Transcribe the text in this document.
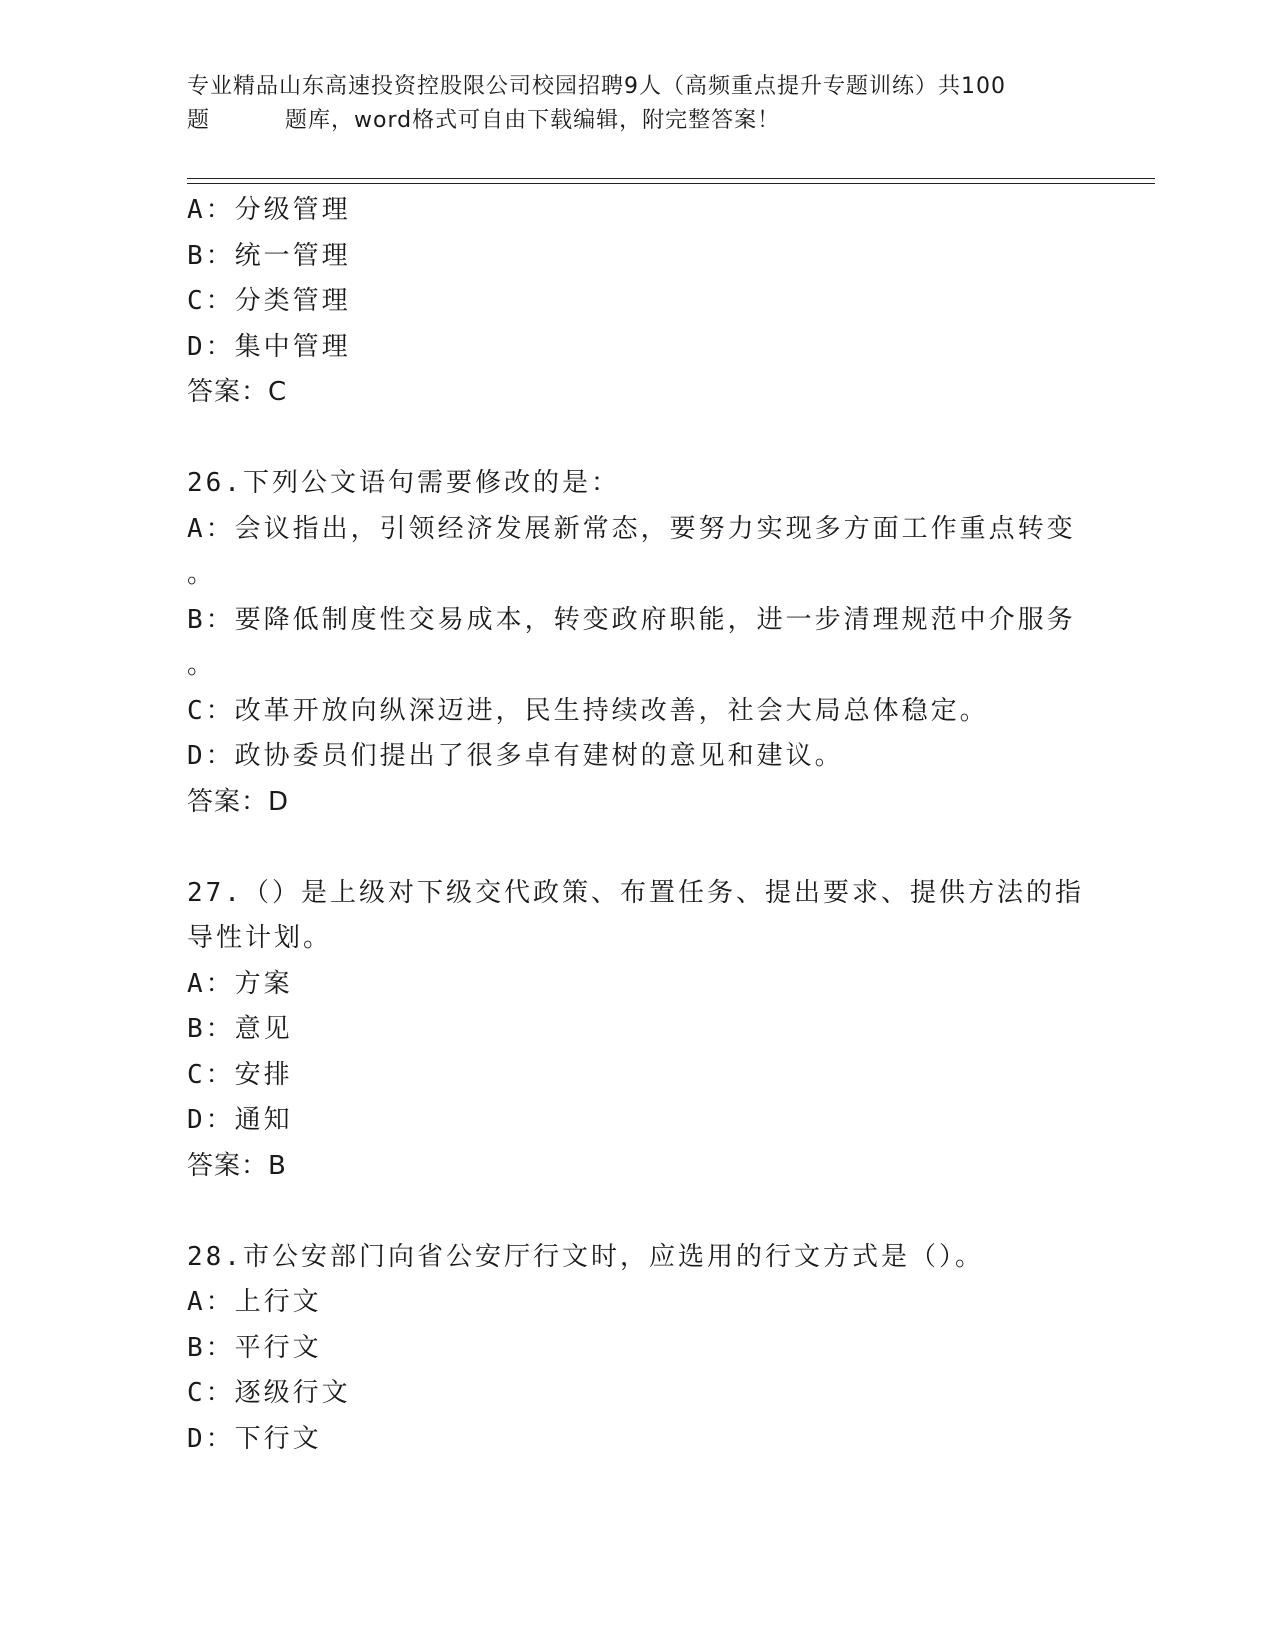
专业精品山东高速投资控股限公司校园招聘9人（高频重点提升专题训练）共100
题	题库，word格式可自由下载编辑，附完整答案！
A：分级管理
B：统一管理
C：分类管理
D：集中管理
答案：C
26.下列公文语句需要修改的是：
A：会议指出，引领经济发展新常态，要努力实现多方面工作重点转变
。
B：要降低制度性交易成本，转变政府职能，进一步清理规范中介服务
。
C：改革开放向纵深迈进，民生持续改善，社会大局总体稳定。
D：政协委员们提出了很多卓有建树的意见和建议。
答案：D
27.（）是上级对下级交代政策、布置任务、提出要求、提供方法的指
导性计划。
A：方案
B：意见
C：安排
D：通知
答案：B
28.市公安部门向省公安厅行文时，应选用的行文方式是（）。
A：上行文
B：平行文
C：逐级行文
D：下行文
